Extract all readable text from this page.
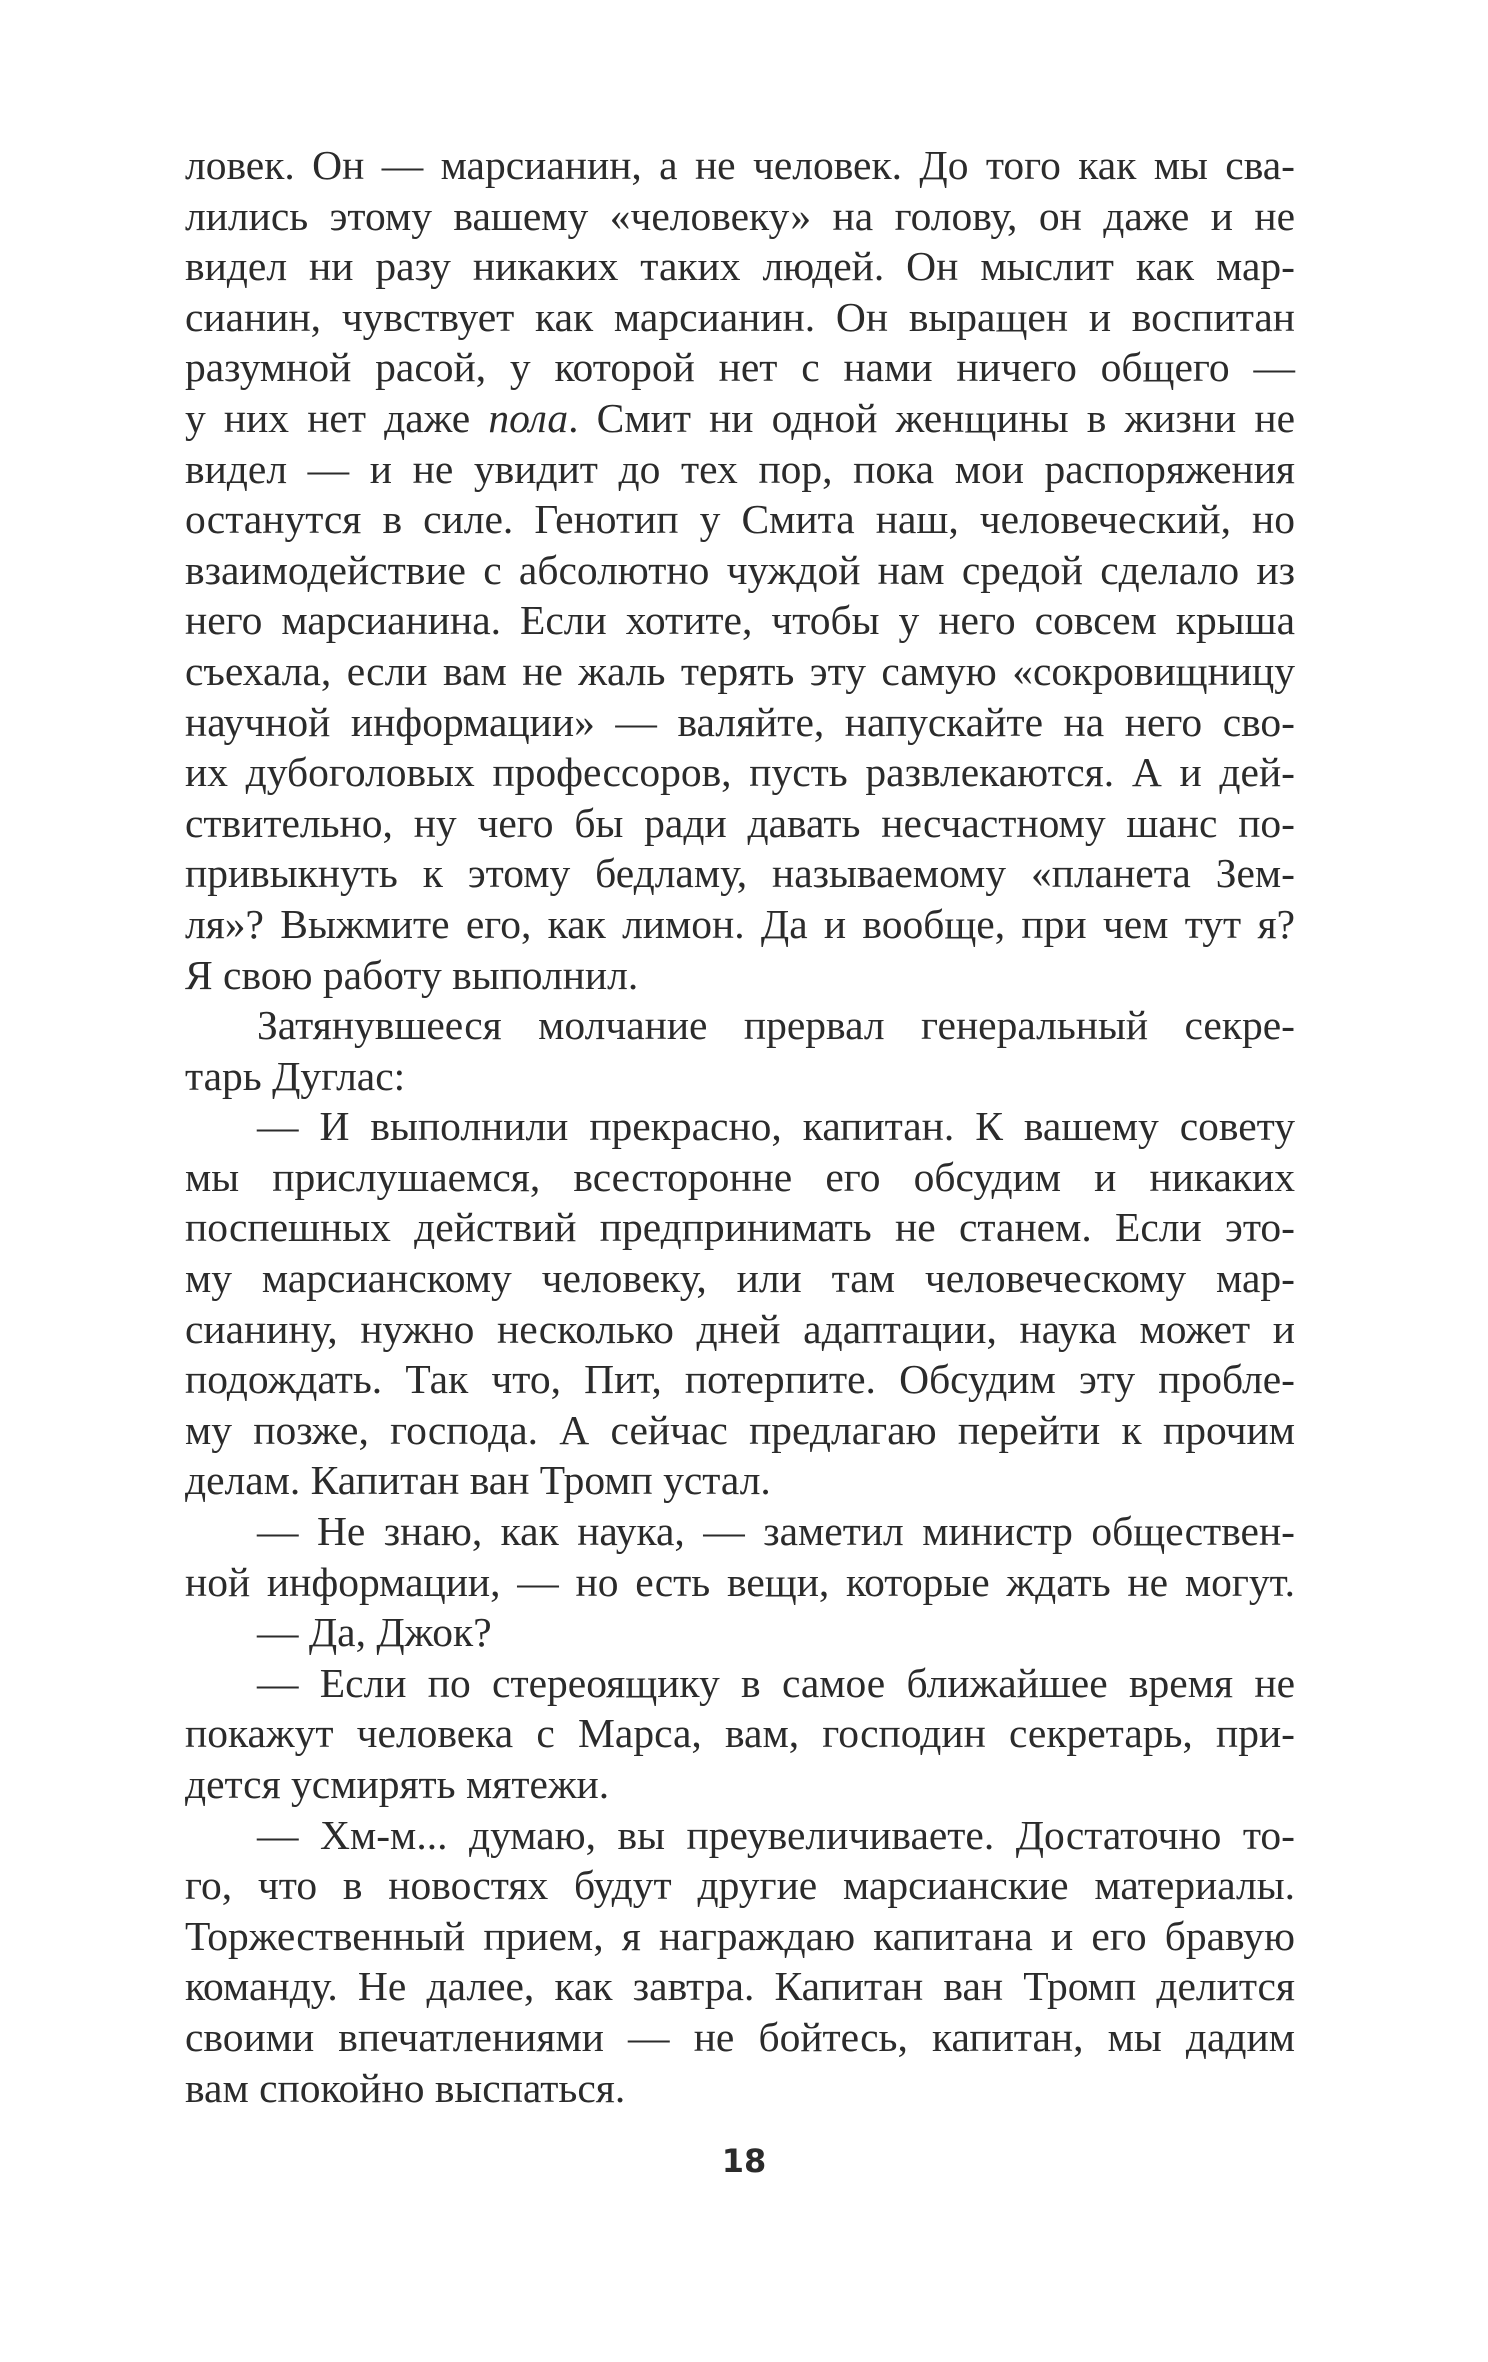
ловек. Он — марсианин, а не человек. До того как мы сва-
лились этому вашему «человеку» на голову, он даже и не
видел ни разу никаких таких людей. Он мыслит как мар-
сианин, чувствует как марсианин. Он выращен и воспитан
разумной расой, у которой нет с нами ничего общего —
у них нет даже пола. Смит ни одной женщины в жизни не
видел — и не увидит до тех пор, пока мои распоряжения
останутся в силе. Генотип у Смита наш, человеческий, но
взаимодействие с абсолютно чуждой нам средой сделало из
него марсианина. Если хотите, чтобы у него совсем крыша
съехала, если вам не жаль терять эту самую «сокровищницу
научной информации» — валяйте, напускайте на него сво-
их дубоголовых профессоров, пусть развлекаются. А и дей-
ствительно, ну чего бы ради давать несчастному шанс по-
привыкнуть к этому бедламу, называемому «планета Зем-
ля»? Выжмите его, как лимон. Да и вообще, при чем тут я?
Я свою работу выполнил.
Затянувшееся молчание прервал генеральный секре-
тарь Дуглас:
— И выполнили прекрасно, капитан. К вашему совету
мы прислушаемся, всесторонне его обсудим и никаких
поспешных действий предпринимать не станем. Если это-
му марсианскому человеку, или там человеческому мар-
сианину, нужно несколько дней адаптации, наука может и
подождать. Так что, Пит, потерпите. Обсудим эту пробле-
му позже, господа. А сейчас предлагаю перейти к прочим
делам. Капитан ван Тромп устал.
— Не знаю, как наука, — заметил министр обществен-
ной информации, — но есть вещи, которые ждать не могут.
— Да, Джок?
— Если по стереоящику в самое ближайшее время не
покажут человека с Марса, вам, господин секретарь, при-
дется усмирять мятежи.
— Хм-м... думаю, вы преувеличиваете. Достаточно то-
го, что в новостях будут другие марсианские материалы.
Торжественный прием, я награждаю капитана и его бравую
команду. Не далее, как завтра. Капитан ван Тромп делится
своими впечатлениями — не бойтесь, капитан, мы дадим
вам спокойно выспаться.
18
